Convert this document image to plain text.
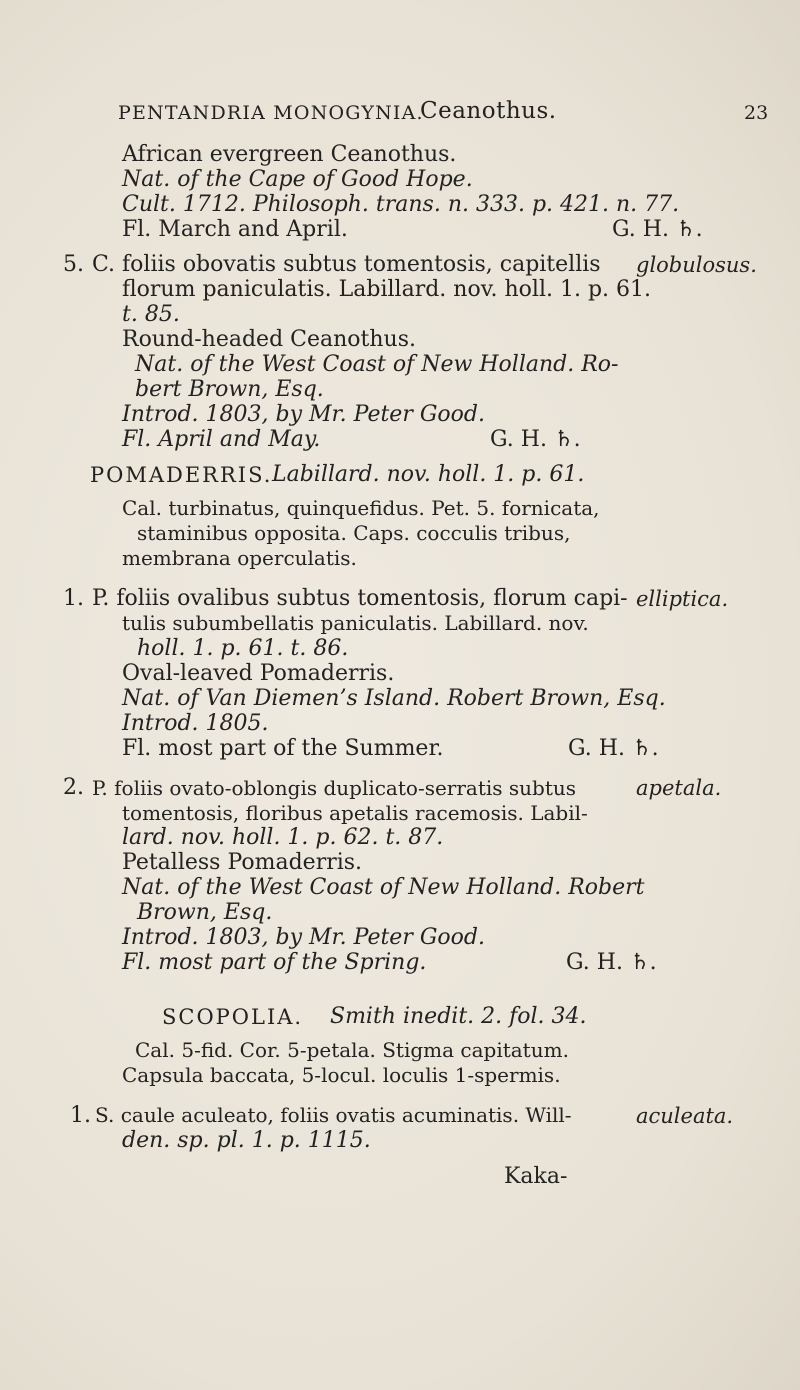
PENTANDRIA MONOGYNIA.
Ceanothus.	23
African evergreen Ceanothus.
Nat. of the Cape of Good Hope.
Cult. 1712. Philosoph. trans. n. 333. p. 421. n. 77.
Fl. March and April.	G. H. ♄.
5. C. foliis obovatis subtus tomentosis, capitellis globulosus.
florum paniculatis. Labillard. nov. holl. 1. p. 61.
t. 85.
Round-headed Ceanothus.
Nat. of the West Coast of New Holland. Ro-
bert Brown, Esq.
Introd. 1803, by Mr. Peter Good.
Fl. April and May.	G. H. ♄.
POMADERRIS. Labillard. nov. holl. 1. p. 61.
Cal. turbinatus, quinquefidus. Pet. 5. fornicata,
staminibus opposita. Caps. cocculis tribus,
membrana operculatis.
1. P. foliis ovalibus subtus tomentosis, florum capi- elliptica.
tulis subumbellatis paniculatis. Labillard. nov.
holl. 1. p. 61. t. 86.
Oval-leaved Pomaderris.
Nat. of Van Diemen’s Island. Robert Brown, Esq.
Introd. 1805.
Fl. most part of the Summer.	G. H. ♄.
2. P. foliis ovato-oblongis duplicato-serratis subtus	apetala.
tomentosis, floribus apetalis racemosis. Labil-
lard. nov. holl. 1. p. 62. t. 87.
Petalless Pomaderris.
Nat. of the West Coast of New Holland. Robert
Brown, Esq.
Introd. 1803, by Mr. Peter Good.
Fl. most part of the Spring.	G. H. ♄.
SCOPOLIA. Smith inedit. 2. fol. 34.
Cal. 5-fid. Cor. 5-petala. Stigma capitatum.
Capsula baccata, 5-locul. loculis 1-spermis.
1. S. caule aculeato, foliis ovatis acuminatis. Will-	aculeata.
den. sp. pl. 1. p. 1115.
Kaka-
